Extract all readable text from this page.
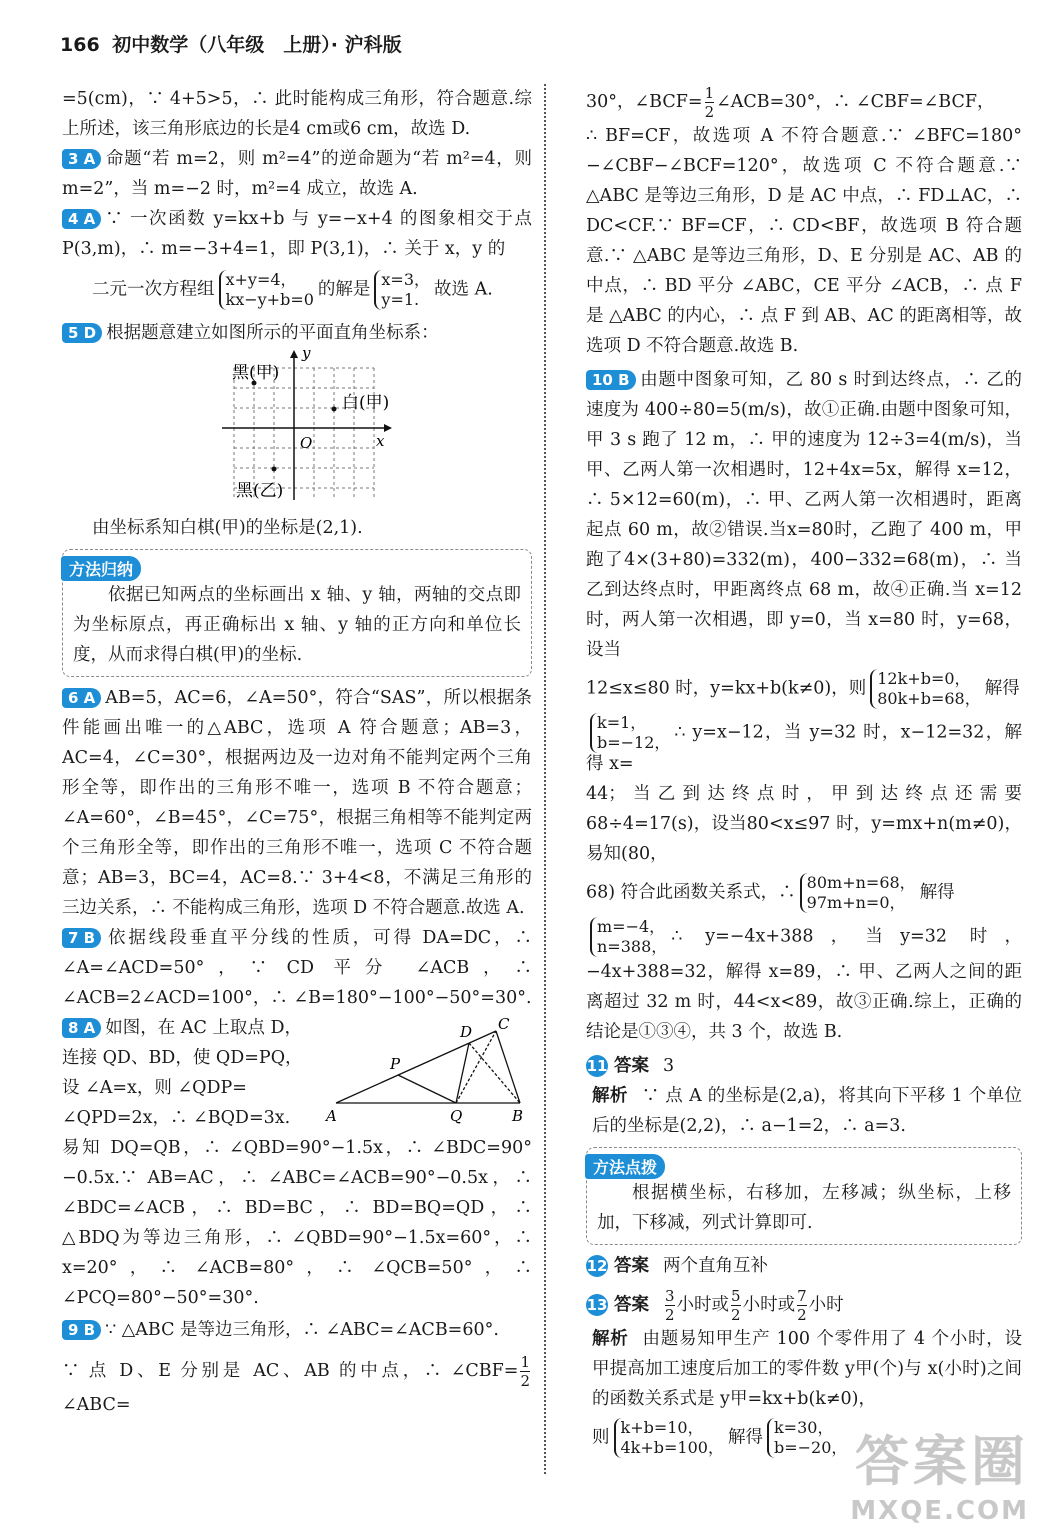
166 初中数学（八年级　上册）· 沪科版

=5(cm)，∵ 4+5>5，∴ 此时能构成三角形，符合题意.综上所述，该三角形底边的长是4 cm或6 cm，故选 D.

3 A 命题“若 m=2，则 m²=4”的逆命题为“若 m²=4，则 m=2”，当 m=−2 时，m²=4 成立，故选 A.

4 A ∵ 一次函数 y=kx+b 与 y=−x+4 的图象相交于点 P(3,m)，∴ m=−3+4=1，即 P(3,1)，∴ 关于 x，y 的

二元一次方程组 x+y=4，
kx−y+b=0 的解是 x=3，
y=1. 故选 A.

5 D 根据题意建立如图所示的平面直角坐标系：

黑(甲)
白(甲)
黑(乙)
O	x
y

由坐标系知白棋(甲)的坐标是(2,1).

方法归纳

依据已知两点的坐标画出 x 轴、y 轴，两轴的交点即为坐标原点，再正确标出 x 轴、y 轴的正方向和单位长度，从而求得白棋(甲)的坐标.

6 A AB=5，AC=6，∠A=50°，符合“SAS”，所以根据条件能画出唯一的△ABC，选项 A 符合题意；AB=3，AC=4，∠C=30°，根据两边及一边对角不能判定两个三角形全等，即作出的三角形不唯一，选项 B 不符合题意；∠A=60°，∠B=45°，∠C=75°，根据三角相等不能判定两个三角形全等，即作出的三角形不唯一，选项 C 不符合题意；AB=3，BC=4，AC=8.∵ 3+4<8，不满足三角形的三边关系，∴ 不能构成三角形，选项 D 不符合题意.故选 A.

7 B 依据线段垂直平分线的性质，可得 DA=DC，∴ ∠A=∠ACD=50°，∵ CD 平分 ∠ACB，∴ ∠ACB=2∠ACD=100°，∴ ∠B=180°−100°−50°=30°.

8 A 如图，在 AC 上取点 D，
连接 QD、BD，使 QD=PQ，
设 ∠A=x，则 ∠QDP=
∠QPD=2x，∴ ∠BQD=3x.	A	B
C
D
P
Q

易知 DQ=QB，∴ ∠QBD=90°−1.5x，∴ ∠BDC=90°−0.5x.∵ AB=AC，∴ ∠ABC=∠ACB=90°−0.5x，∴ ∠BDC=∠ACB，∴ BD=BC，∴ BD=BQ=QD，∴ △BDQ为等边三角形，∴ ∠QBD=90°−1.5x=60°，∴ x=20°，∴ ∠ACB=80°，∴ ∠QCB=50°，∴ ∠PCQ=80°−50°=30°.

9 B ∵ △ABC 是等边三角形，∴ ∠ABC=∠ACB=60°.

∵ 点 D、E 分别是 AC、AB 的中点，∴ ∠CBF= $\frac{1}{2}$
∠ABC=

30°，∠BCF= $\frac{1}{2}$ ∠ACB=30°，∴ ∠CBF=∠BCF，

∴ BF=CF，故选项 A 不符合题意.∵ ∠BFC=180°−∠CBF−∠BCF=120°，故选项 C 不符合题意.∵ △ABC 是等边三角形，D 是 AC 中点，∴ FD⊥AC，∴ DC<CF.∵ BF=CF，∴ CD<BF，故选项 B 符合题意.∵ △ABC 是等边三角形，D、E 分别是 AC、AB 的中点，∴ BD 平分 ∠ABC，CE 平分 ∠ACB，∴ 点 F 是 △ABC 的内心，∴ 点 F 到 AB、AC 的距离相等，故选项 D 不符合题意.故选 B.

10 B 由题中图象可知，乙 80 s 时到达终点，∴ 乙的速度为 400÷80=5(m/s)，故①正确.由题中图象可知，甲 3 s 跑了 12 m，∴ 甲的速度为 12÷3=4(m/s)，当甲、乙两人第一次相遇时，12+4x=5x，解得 x=12，∴ 5×12=60(m)，∴ 甲、乙两人第一次相遇时，距离起点 60 m，故②错误.当x=80时，乙跑了 400 m，甲跑了4×(3+80)=332(m)，400−332=68(m)，∴ 当乙到达终点时，甲距离终点 68 m，故④正确.当 x=12 时，两人第一次相遇，即 y=0，当 x=80 时，y=68，设当

12≤x≤80 时，y=kx+b(k≠0)，则 12k+b=0，
80k+b=68， 解得
k=1，
b=−12， ∴ y=x−12，当 y=32 时，x−12=32，解得 x=

44；当乙到达终点时，甲到达终点还需要 68÷4=17(s)，设当80<x≤97 时，y=mx+n(m≠0)，易知(80，

68) 符合此函数关系式，∴ 80m+n=68，
97m+n=0， 解得
m=−4，
n=388， ∴ y=−4x+388，当y=32 时，−4x+388=32，解得 x=89，∴ 甲、乙两人之间的距离超过 32 m 时，44<x<89，故③正确.综上，正确的结论是①③④，共 3 个，故选 B.

11 答案 3

解析 ∵ 点 A 的坐标是(2,a)，将其向下平移 1 个单位后的坐标是(2,2)，∴ a−1=2，∴ a=3.

方法点拨

根据横坐标，右移加，左移减；纵坐标，上移加，下移减，列式计算即可.

12 答案 两个直角互补

13 答案 $\frac{3}{2}$ 小时或 $\frac{5}{2}$ 小时或 $\frac{7}{2}$ 小时

解析 由题易知甲生产 100 个零件用了 4 个小时，设甲提高加工速度后加工的零件数 y甲(个)与 x(小时)之间的函数关系式是 y甲=kx+b(k≠0)，

则 k+b=10，
4k+b=100， 解得 k=30，
b=−20， 答案圈
MXQE.COM
